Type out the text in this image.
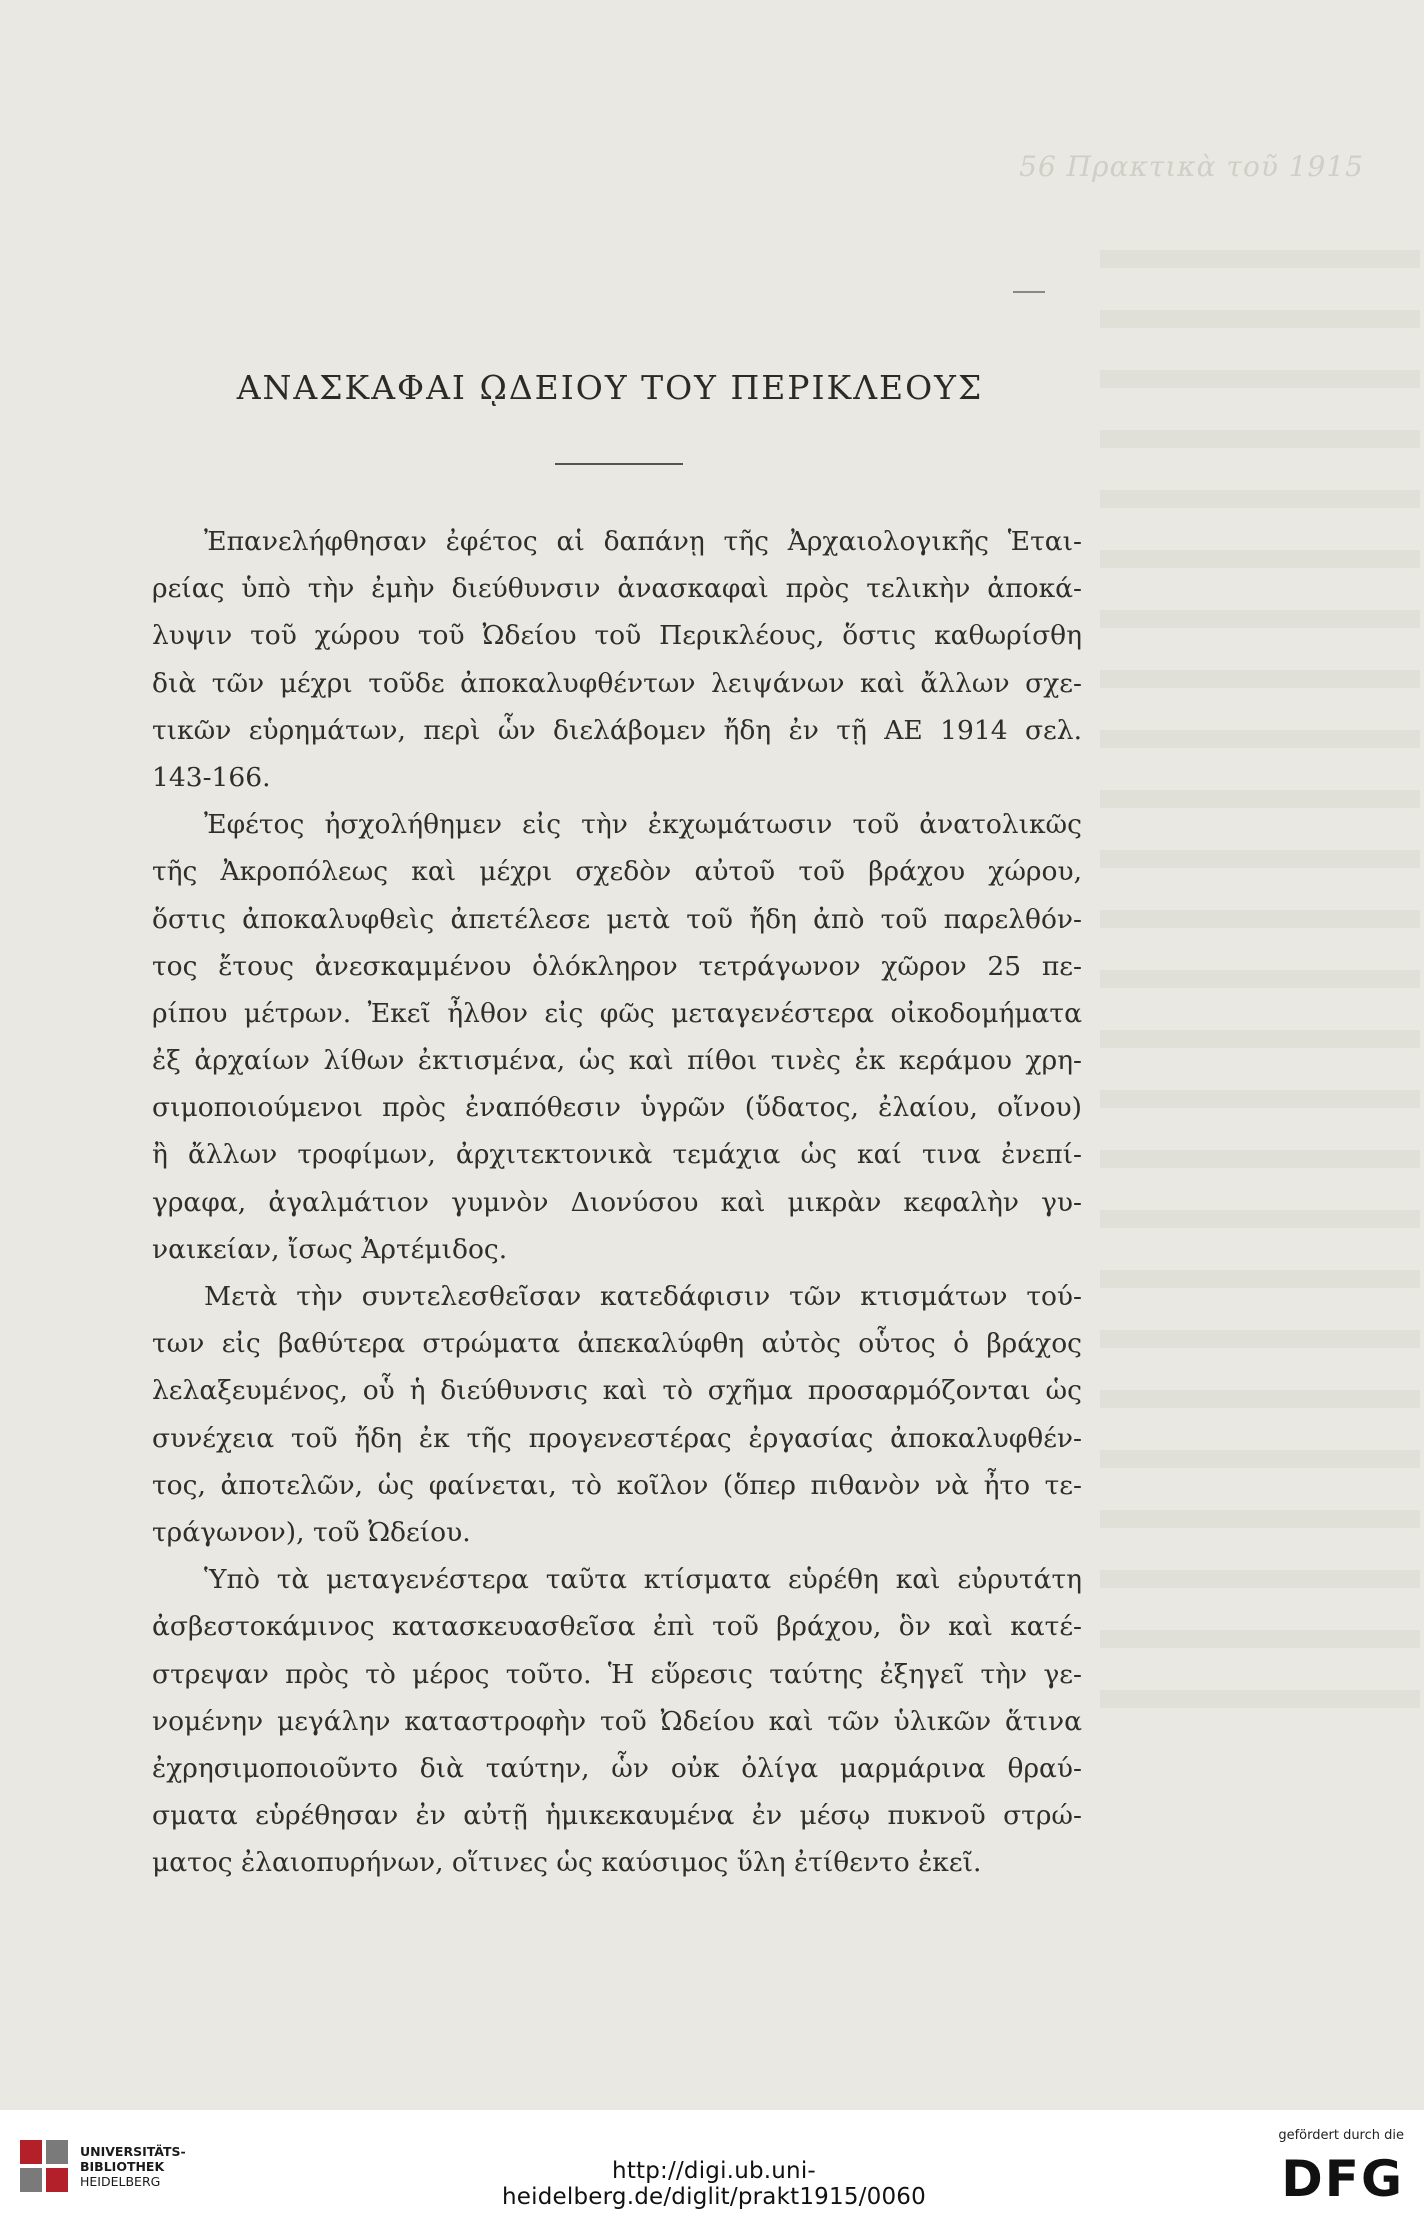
56 Πρακτικὰ τοῦ 1915
ΑΝΑΣΚΑΦΑΙ ῼΔΕΙΟΥ ΤΟΥ ΠΕΡΙΚΛΕΟΥΣ
Ἐπανελήφθησαν ἐφέτος αἱ δαπάνῃ τῆς Ἀρχαιολογικῆς Ἑται-
ρείας ὑπὸ τὴν ἐμὴν διεύθυνσιν ἀνασκαφαὶ πρὸς τελικὴν ἀποκά-
λυψιν τοῦ χώρου τοῦ Ὠδείου τοῦ Περικλέους, ὅστις καθωρίσθη
διὰ τῶν μέχρι τοῦδε ἀποκαλυφθέντων λειψάνων καὶ ἄλλων σχε-
τικῶν εὑρημάτων, περὶ ὧν διελάβομεν ἤδη ἐν τῇ ΑΕ 1914 σελ.
143-166.
Ἐφέτος ἠσχολήθημεν εἰς τὴν ἐκχωμάτωσιν τοῦ ἀνατολικῶς
τῆς Ἀκροπόλεως καὶ μέχρι σχεδὸν αὐτοῦ τοῦ βράχου χώρου,
ὅστις ἀποκαλυφθεὶς ἀπετέλεσε μετὰ τοῦ ἤδη ἀπὸ τοῦ παρελθόν-
τος ἔτους ἀνεσκαμμένου ὁλόκληρον τετράγωνον χῶρον 25 πε-
ρίπου μέτρων. Ἐκεῖ ἦλθον εἰς φῶς μεταγενέστερα οἰκοδομήματα
ἐξ ἀρχαίων λίθων ἐκτισμένα, ὡς καὶ πίθοι τινὲς ἐκ κεράμου χρη-
σιμοποιούμενοι πρὸς ἐναπόθεσιν ὑγρῶν (ὕδατος, ἐλαίου, οἴνου)
ἢ ἄλλων τροφίμων, ἀρχιτεκτονικὰ τεμάχια ὡς καί τινα ἐνεπί-
γραφα, ἀγαλμάτιον γυμνὸν Διονύσου καὶ μικρὰν κεφαλὴν γυ-
ναικείαν, ἴσως Ἀρτέμιδος.
Μετὰ τὴν συντελεσθεῖσαν κατεδάφισιν τῶν κτισμάτων τού-
των εἰς βαθύτερα στρώματα ἀπεκαλύφθη αὐτὸς οὗτος ὁ βράχος
λελαξευμένος, οὗ ἡ διεύθυνσις καὶ τὸ σχῆμα προσαρμόζονται ὡς
συνέχεια τοῦ ἤδη ἐκ τῆς προγενεστέρας ἐργασίας ἀποκαλυφθέν-
τος, ἀποτελῶν, ὡς φαίνεται, τὸ κοῖλον (ὅπερ πιθανὸν νὰ ἦτο τε-
τράγωνον), τοῦ Ὠδείου.
Ὑπὸ τὰ μεταγενέστερα ταῦτα κτίσματα εὑρέθη καὶ εὐρυτάτη
ἀσβεστοκάμινος κατασκευασθεῖσα ἐπὶ τοῦ βράχου, ὃν καὶ κατέ-
στρεψαν πρὸς τὸ μέρος τοῦτο. Ἡ εὕρεσις ταύτης ἐξηγεῖ τὴν γε-
νομένην μεγάλην καταστροφὴν τοῦ Ὠδείου καὶ τῶν ὑλικῶν ἅτινα
ἐχρησιμοποιοῦντο διὰ ταύτην, ὧν οὐκ ὀλίγα μαρμάρινα θραύ-
σματα εὑρέθησαν ἐν αὐτῇ ἡμικεκαυμένα ἐν μέσῳ πυκνοῦ στρώ-
ματος ἐλαιοπυρήνων, οἵτινες ὡς καύσιμος ὕλη ἐτίθεντο ἐκεῖ.
UNIVERSITÄTS-
BIBLIOTHEK
HEIDELBERG	http://digi.ub.uni-heidelberg.de/diglit/prakt1915/0060
gefördert durch die
DFG
